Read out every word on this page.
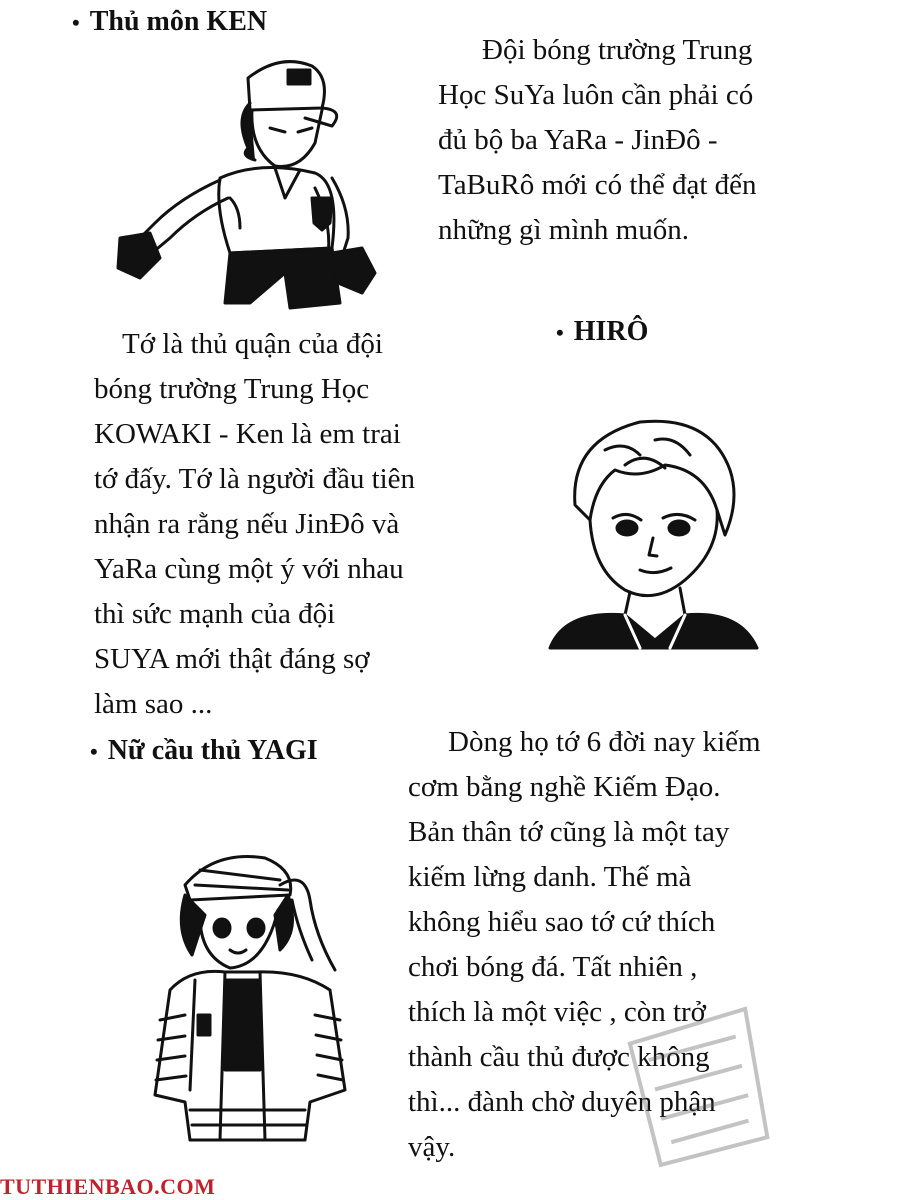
• Thủ môn KEN

Đội bóng trường Trung
Học SuYa luôn cần phải có
đủ bộ ba YaRa - JinĐô -
TaBuRô mới có thể đạt đến
những gì mình muốn.

• HIRÔ

Tớ là thủ quận của đội
bóng trường Trung Học
KOWAKI - Ken là em trai
tớ đấy. Tớ là người đầu tiên
nhận ra rằng nếu JinĐô và
YaRa cùng một ý với nhau
thì sức mạnh của đội
SUYA mới thật đáng sợ
làm sao ...

• Nữ cầu thủ YAGI	Dòng họ tớ 6 đời nay kiếm
cơm bằng nghề Kiếm Đạo.
Bản thân tớ cũng là một tay
kiếm lừng danh. Thế mà
không hiểu sao tớ cứ thích
chơi bóng đá. Tất nhiên ,
thích là một việc , còn trở
thành cầu thủ được không
thì... đành chờ duyên phận
vậy.

TUTHIENBAO.COM
